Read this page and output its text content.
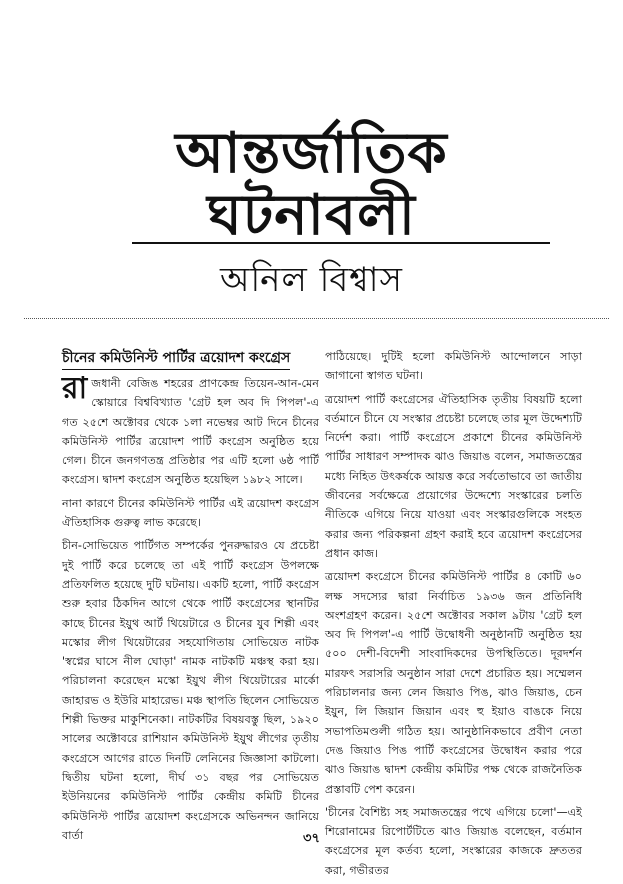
আন্তর্জাতিক
ঘটনাবলী
অনিল বিশ্বাস
চীনের কমিউনিস্ট পার্টির ত্রয়োদশ কংগ্রেস

রাজধানী বেজিঙ শহরের প্রাণকেন্দ্র তিয়েন-আন-মেন স্কোয়ারে বিশ্ববিখ্যাত 'গ্রেট হল অব দি পিপল'-এ গত ২৫শে অক্টোবর থেকে ১লা নভেম্বর আট দিনে চীনের কমিউনিস্ট পার্টির ত্রয়োদশ পার্টি কংগ্রেস অনুষ্ঠিত হয়ে গেল। চীনে জনগণতন্ত্র প্রতিষ্ঠার পর এটি হলো ৬ষ্ঠ পার্টি কংগ্রেস। দ্বাদশ কংগ্রেস অনুষ্ঠিত হয়েছিল ১৯৮২ সালে।

নানা কারণে চীনের কমিউনিস্ট পার্টির এই ত্রয়োদশ কংগ্রেস ঐতিহাসিক গুরুত্ব লাভ করেছে।

চীন-সোভিয়েত পার্টিগত সম্পর্কের পুনরুদ্ধারও যে প্রচেষ্টা দুই পার্টি করে চলেছে তা এই পার্টি কংগ্রেস উপলক্ষে প্রতিফলিত হয়েছে দুটি ঘটনায়। একটি হলো, পার্টি কংগ্রেস শুরু হবার ঠিকদিন আগে থেকে পার্টি কংগ্রেসের স্থানটির কাছে চীনের ইয়ুথ আর্ট থিয়েটারে ও চীনের যুব শিল্পী এবং মস্কোর লীগ থিয়েটারের সহযোগিতায় সোভিয়েত নাটক 'স্বপ্নের ঘাসে নীল ঘোড়া' নামক নাটকটি মঞ্চস্থ করা হয়। পরিচালনা করেছেন মস্কো ইয়ুথ লীগ থিয়েটারের মার্কো জাহারভ ও ইউরি মাহারেভ। মঞ্চ স্থাপতি ছিলেন সোভিয়েত শিল্পী ভিক্তর মাকুশিনেকা। নাটকটির বিষয়বস্তু ছিল, ১৯২০ সালের অক্টোবরে রাশিয়ান কমিউনিস্ট ইয়ুথ লীগের তৃতীয় কংগ্রেসে আগের রাতে দিনটি লেনিনের জিজ্ঞাসা কাটলো। দ্বিতীয় ঘটনা হলো, দীর্ঘ ৩১ বছর পর সোভিয়েত ইউনিয়নের কমিউনিস্ট পার্টির কেন্দ্রীয় কমিটি চীনের কমিউনিস্ট পার্টির ত্রয়োদশ কংগ্রেসকে অভিনন্দন জানিয়ে বার্তা

পাঠিয়েছে। দুটিই হলো কমিউনিস্ট আন্দোলনে সাড়া জাগানো স্বাগত ঘটনা।

ত্রয়োদশ পার্টি কংগ্রেসের ঐতিহাসিক তৃতীয় বিষয়টি হলো বর্তমানে চীনে যে সংস্কার প্রচেষ্টা চলেছে তার মূল উদ্দেশ্যটি নির্দেশ করা। পার্টি কংগ্রেসে প্রকাশে চীনের কমিউনিস্ট পার্টির সাধারণ সম্পাদক ঝাও জিয়াঙ বলেন, সমাজতন্ত্রের মধ্যে নিহিত উৎকর্ষকে আয়ত্ত করে সর্বতোভাবে তা জাতীয় জীবনের সর্বক্ষেত্রে প্রয়োগের উদ্দেশ্যে সংস্কারের চলতি নীতিকে এগিয়ে নিয়ে যাওয়া এবং সংস্কারগুলিকে সংহত করার জন্য পরিকল্পনা গ্রহণ করাই হবে ত্রয়োদশ কংগ্রেসের প্রধান কাজ।

ত্রয়োদশ কংগ্রেসে চীনের কমিউনিস্ট পার্টির ৪ কোটি ৬০ লক্ষ সদস্যের দ্বারা নির্বাচিত ১৯৩৬ জন প্রতিনিধি অংশগ্রহণ করেন। ২৫শে অক্টোবর সকাল ৯টায় 'গ্রেট হল অব দি পিপল'-এ পার্টি উদ্বোধনী অনুষ্ঠানটি অনুষ্ঠিত হয় ৫০০ দেশী-বিদেশী সাংবাদিকদের উপস্থিতিতে। দূরদর্শন মারফৎ সরাসরি অনুষ্ঠান সারা দেশে প্রচারিত হয়। সম্মেলন পরিচালনার জন্য লেন জিয়াও পিঙ, ঝাও জিয়াঙ, চেন ইয়ুন, লি জিয়ান জিয়ান এবং হু ইয়াও বাঙকে নিয়ে সভাপতিমণ্ডলী গঠিত হয়। আনুষ্ঠানিকভাবে প্রবীণ নেতা দেঙ জিয়াও পিঙ পার্টি কংগ্রেসের উদ্বোধন করার পরে ঝাও জিয়াঙ দ্বাদশ কেন্দ্রীয় কমিটির পক্ষ থেকে রাজনৈতিক প্রস্তাবটি পেশ করেন।

'চীনের বৈশিষ্ট্য সহ সমাজতন্ত্রের পথে এগিয়ে চলো'—এই শিরোনামের রিপোর্টটিতে ঝাও জিয়াঙ বলেছেন, বর্তমান কংগ্রেসের মূল কর্তব্য হলো, সংস্কারের কাজকে দ্রুততর করা, গভীরতর

৩৭
